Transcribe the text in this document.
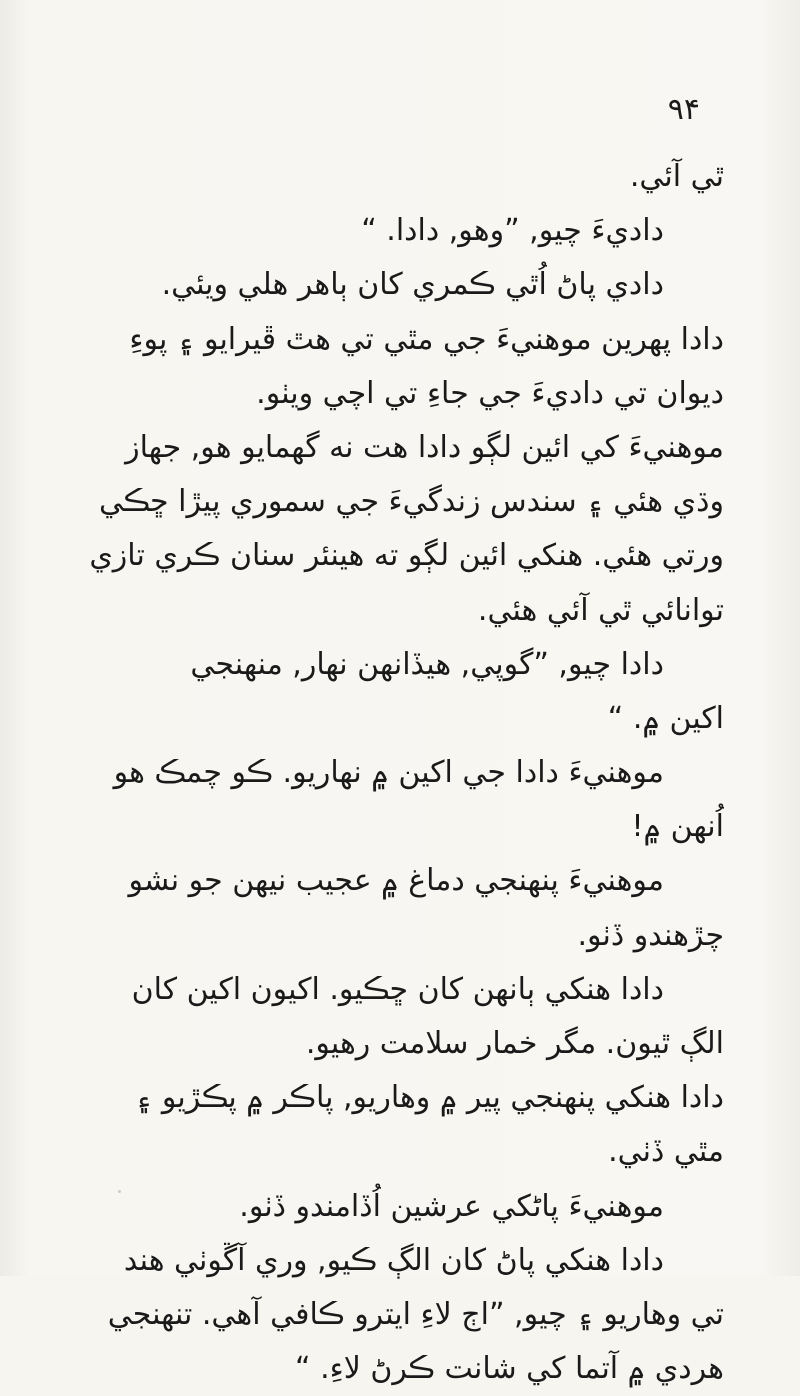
٩۴
ٿي آئي.
داديءَ چيو, ”وهو, دادا. “
دادي پاڻ اُٿي ڪمري کان ٻاهر هلي ويئي.
دادا پهرين موهنيءَ جي مٿي تي هٿ ڦيرايو ۽ پوءِ
ديوان تي داديءَ جي جاءِ تي اچي ويٺو.
موهنيءَ کي ائين لڳو دادا هت نه گهمايو هو, جهاز
وڌي هئي ۽ سندس زندگيءَ جي سموري پيڙا ڇڪي
ورتي هئي. هنکي ائين لڳو ته هينئر سنان ڪري تازي
توانائي ٿي آئي هئي.
دادا چيو, ”گوپي, هيڏانهن نهار, منهنجي
اکين ۾. “
موهنيءَ دادا جي اکين ۾ نهاريو. ڪو چمڪ هو
اُنهن ۾!
موهنيءَ پنهنجي دماغ ۾ عجيب نيهن جو نشو
چڙهندو ڏٺو.
دادا هنکي ٻانهن کان ڇڪيو. اکيون اکين کان
الڳ ٿيون. مگر خمار سلامت رهيو.
دادا هنکي پنهنجي پير ۾ وهاريو, پاڪر ۾ پڪڙيو ۽
مٿي ڏٺي.
موهنيءَ پاڻکي عرشين اُڏامندو ڏٺو.
دادا هنکي پاڻ کان الڳ ڪيو, وري آڱوٺي هند
تي وهاريو ۽ چيو, ”اڄ لاءِ ايترو ڪافي آهي. تنهنجي
هردي ۾ آتما کي شانت ڪرڻ لاءِ. “
